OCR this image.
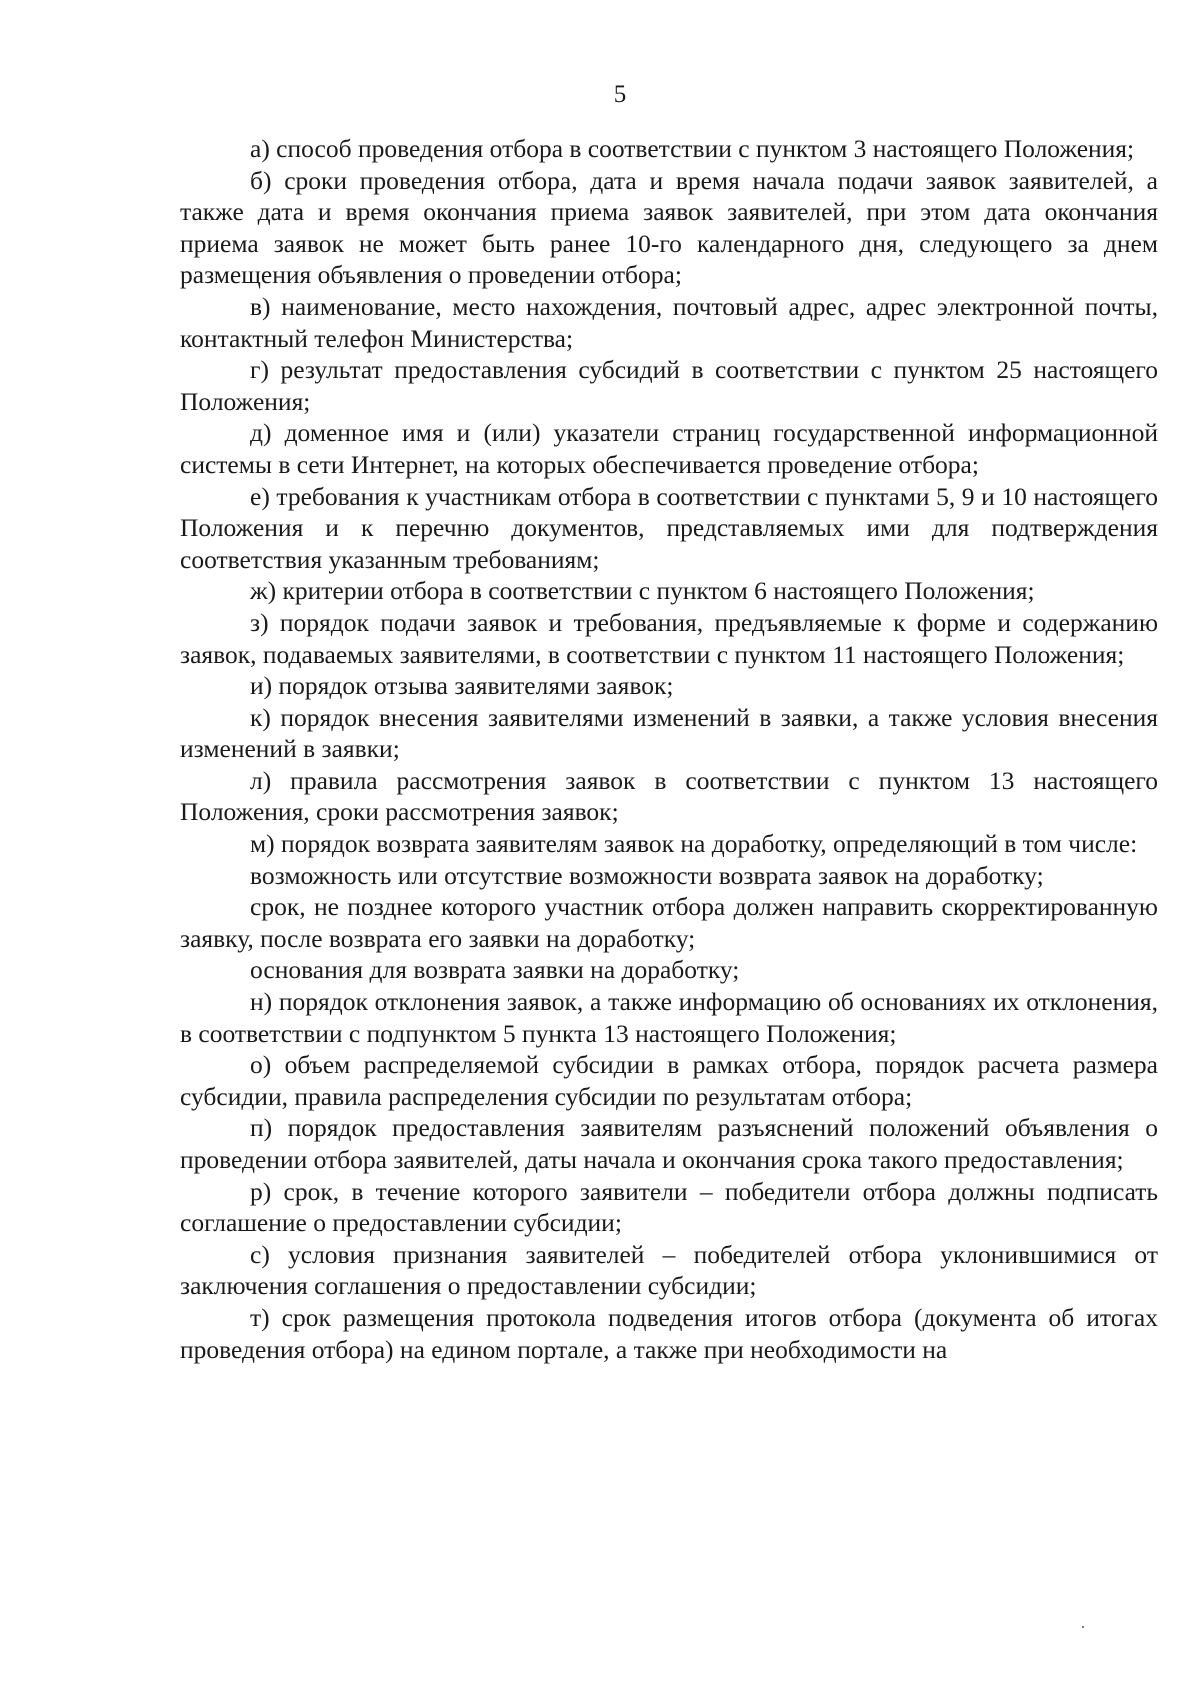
5

а) способ проведения отбора в соответствии с пунктом 3 настоящего Положения;

б) сроки проведения отбора, дата и время начала подачи заявок заявителей, а также дата и время окончания приема заявок заявителей, при этом дата окончания приема заявок не может быть ранее 10-го календарного дня, следующего за днем размещения объявления о проведении отбора;

в) наименование, место нахождения, почтовый адрес, адрес электронной почты, контактный телефон Министерства;

г) результат предоставления субсидий в соответствии с пунктом 25 настоящего Положения;

д) доменное имя и (или) указатели страниц государственной информационной системы в сети Интернет, на которых обеспечивается проведение отбора;

е) требования к участникам отбора в соответствии с пунктами 5, 9 и 10 настоящего Положения и к перечню документов, представляемых ими для подтверждения соответствия указанным требованиям;

ж) критерии отбора в соответствии с пунктом 6 настоящего Положения;

з) порядок подачи заявок и требования, предъявляемые к форме и содержанию заявок, подаваемых заявителями, в соответствии с пунктом 11 настоящего Положения;

и) порядок отзыва заявителями заявок;

к) порядок внесения заявителями изменений в заявки, а также условия внесения изменений в заявки;

л) правила рассмотрения заявок в соответствии с пунктом 13 настоящего Положения, сроки рассмотрения заявок;

м) порядок возврата заявителям заявок на доработку, определяющий в том числе:

возможность или отсутствие возможности возврата заявок на доработку;

срок, не позднее которого участник отбора должен направить скорректированную заявку, после возврата его заявки на доработку;

основания для возврата заявки на доработку;

н) порядок отклонения заявок, а также информацию об основаниях их отклонения, в соответствии с подпунктом 5 пункта 13 настоящего Положения;

о) объем распределяемой субсидии в рамках отбора, порядок расчета размера субсидии, правила распределения субсидии по результатам отбора;

п) порядок предоставления заявителям разъяснений положений объявления о проведении отбора заявителей, даты начала и окончания срока такого предоставления;

р) срок, в течение которого заявители – победители отбора должны подписать соглашение о предоставлении субсидии;

с) условия признания заявителей – победителей отбора уклонившимися от заключения соглашения о предоставлении субсидии;

т) срок размещения протокола подведения итогов отбора (документа об итогах проведения отбора) на едином портале, а также при необходимости на
